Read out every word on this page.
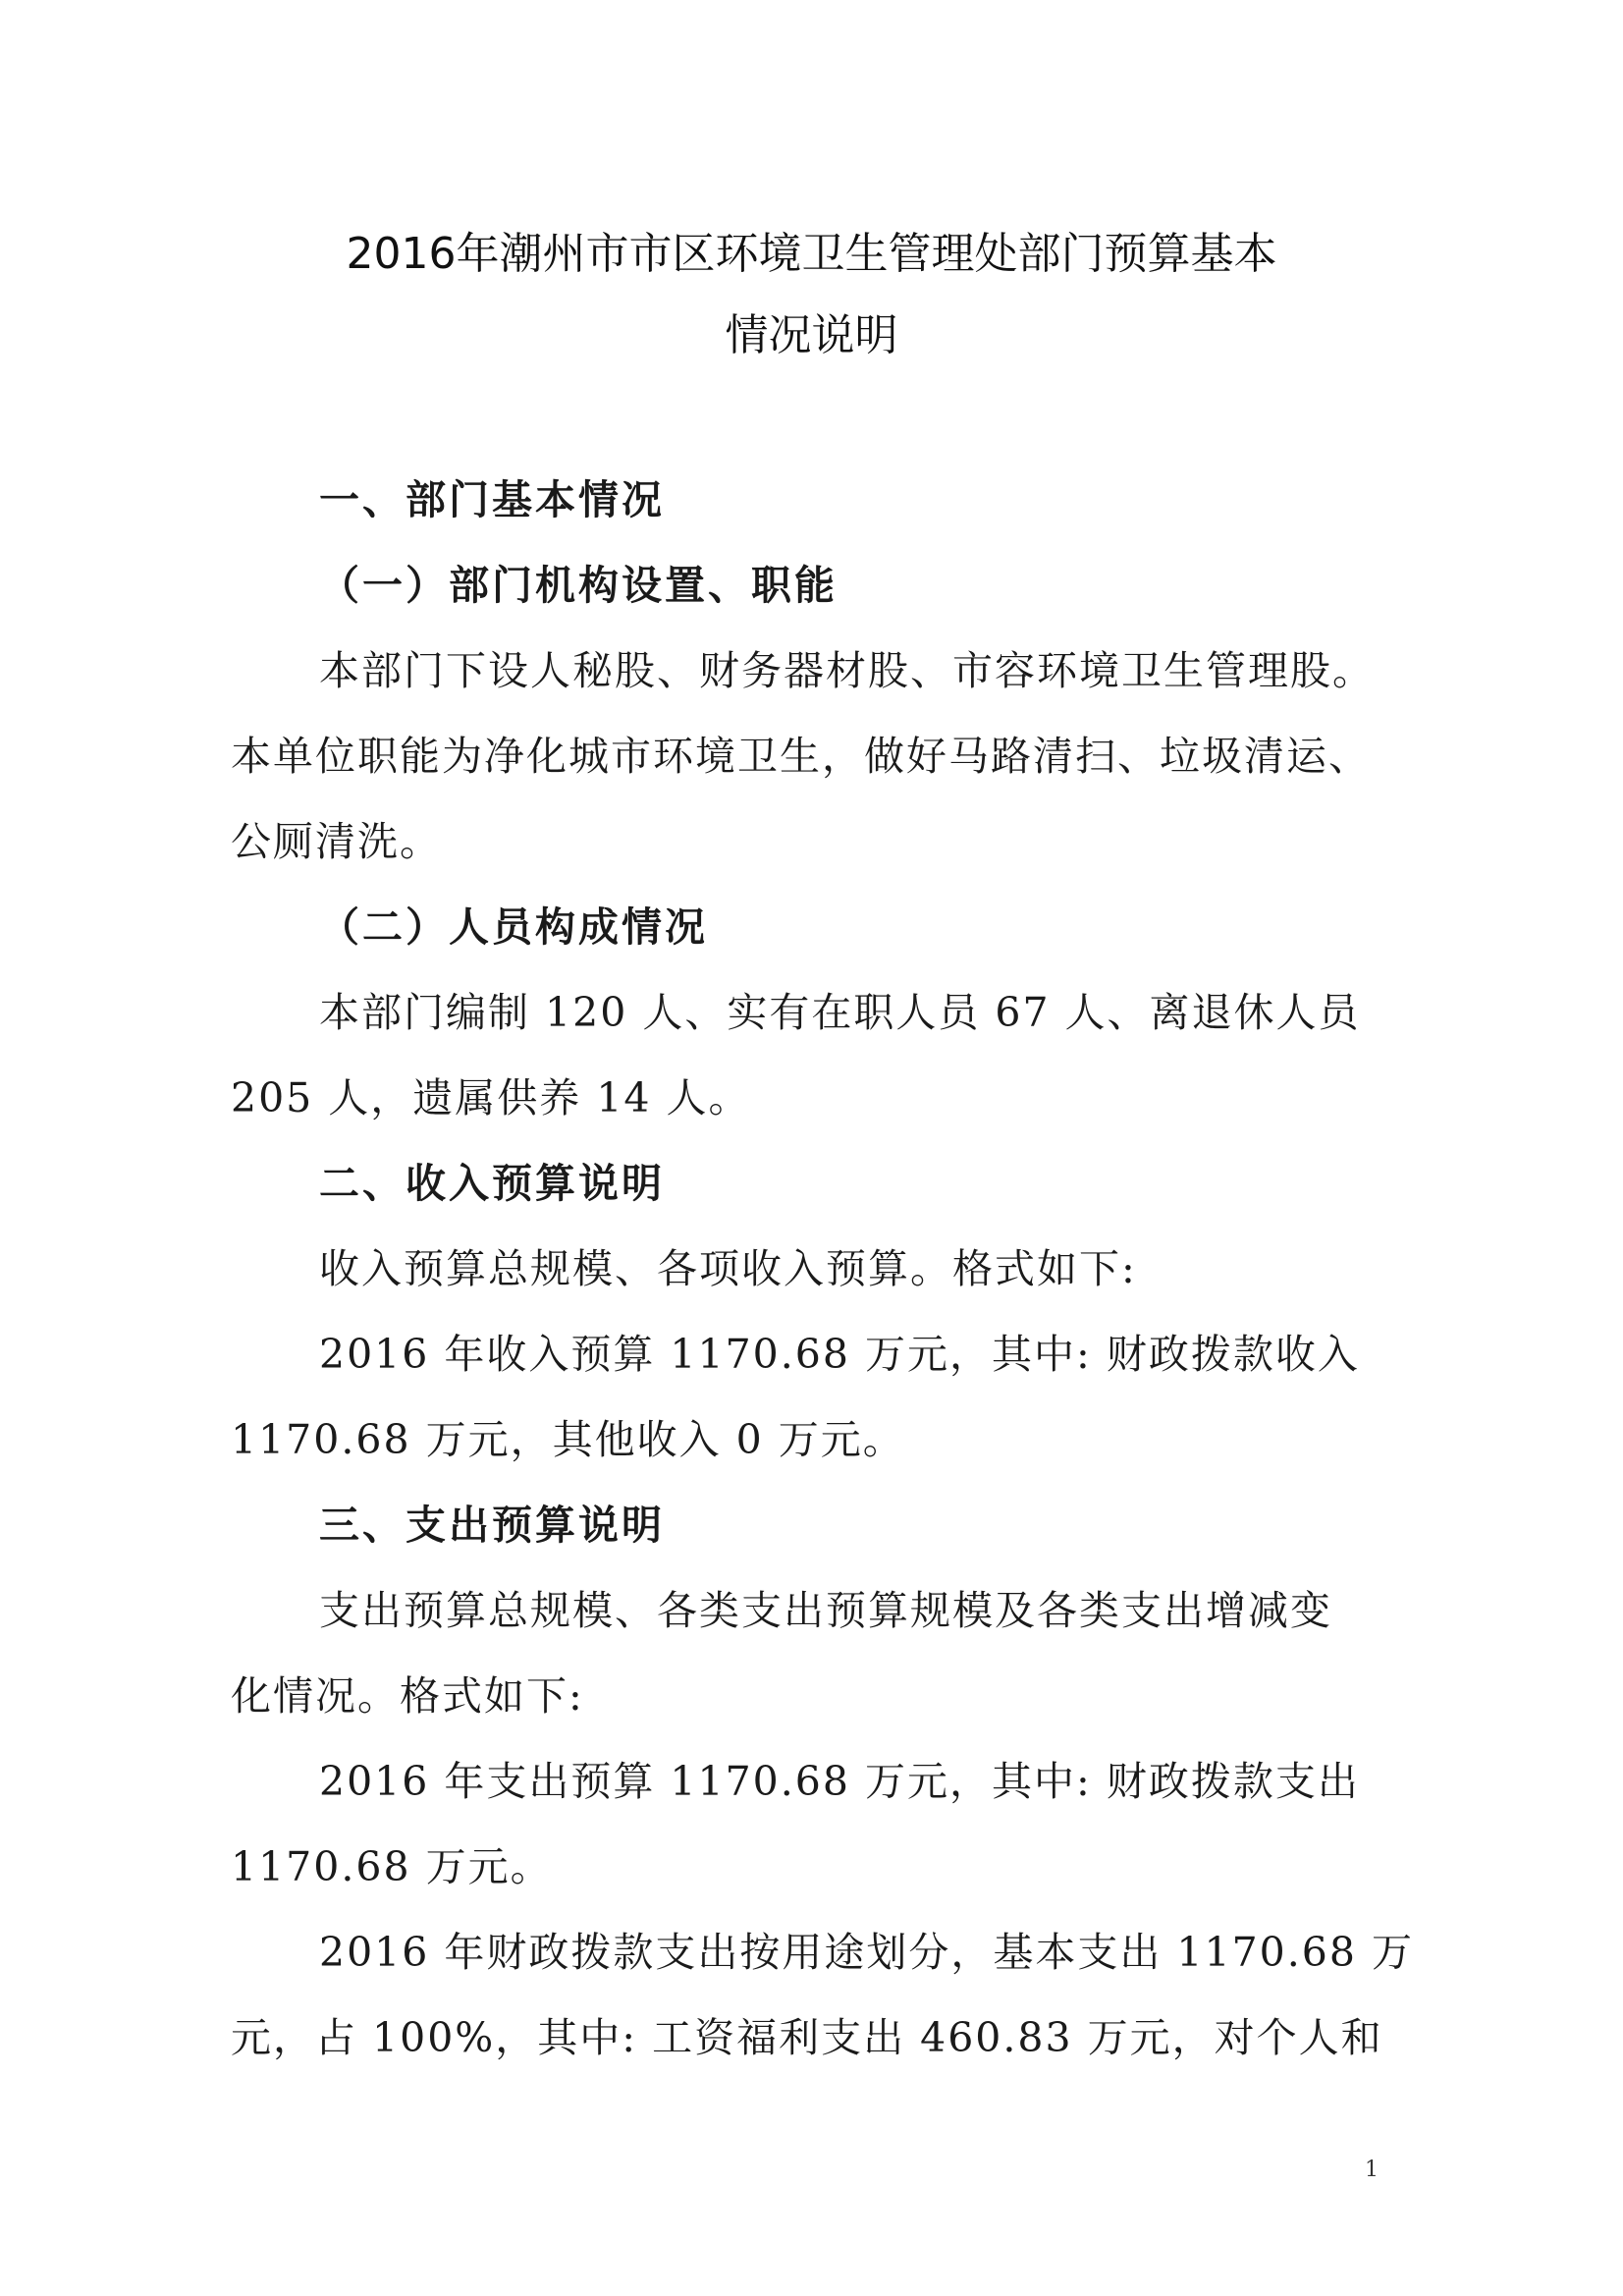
2016年潮州市市区环境卫生管理处部门预算基本
情况说明
一、部门基本情况
（一）部门机构设置、职能
本部门下设人秘股、财务器材股、市容环境卫生管理股。
本单位职能为净化城市环境卫生，做好马路清扫、垃圾清运、
公厕清洗。
（二）人员构成情况
本部门编制 120 人、实有在职人员 67 人、离退休人员
205 人，遗属供养 14 人。
二、收入预算说明
收入预算总规模、各项收入预算。格式如下:
2016 年收入预算 1170.68 万元，其中: 财政拨款收入
1170.68 万元，其他收入 0 万元。
三、支出预算说明
支出预算总规模、各类支出预算规模及各类支出增减变
化情况。格式如下:
2016 年支出预算 1170.68 万元，其中: 财政拨款支出
1170.68 万元。
2016 年财政拨款支出按用途划分，基本支出 1170.68 万
元，占 100%，其中: 工资福利支出 460.83 万元，对个人和
1
